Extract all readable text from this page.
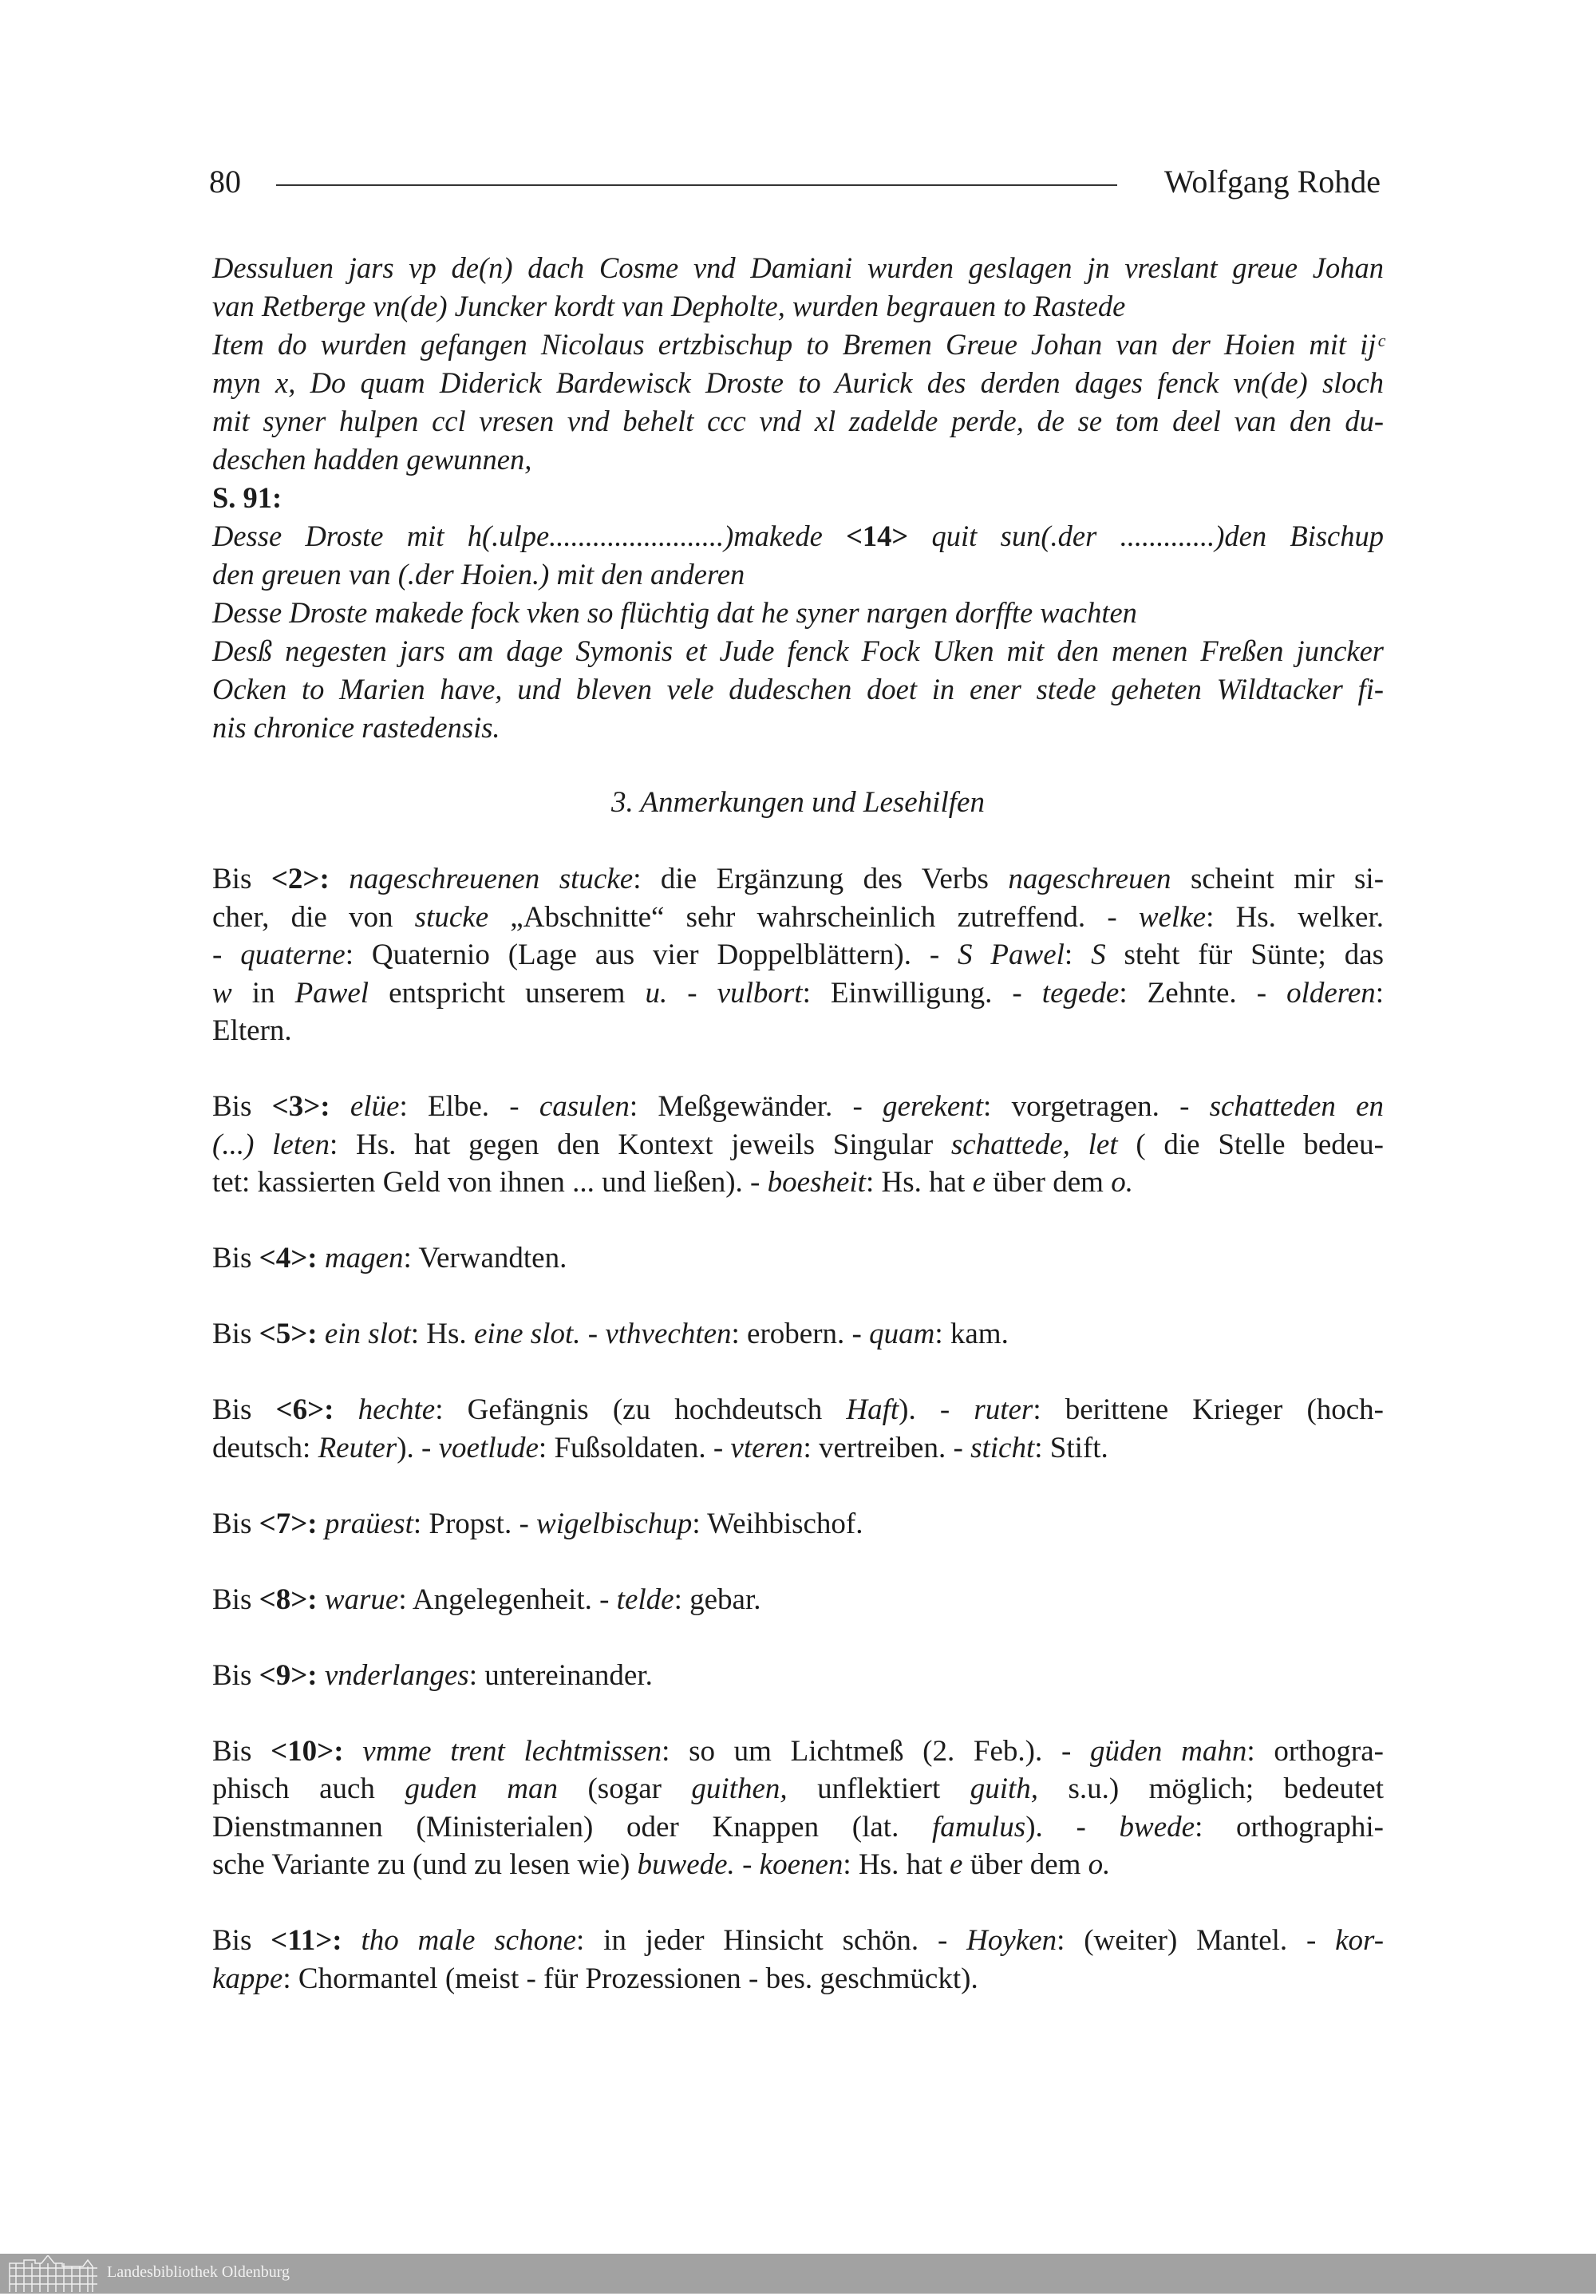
80	Wolfgang Rohde
Dessuluen jars vp de(n) dach Cosme vnd Damiani wurden geslagen jn vreslant greue Johan
van Retberge vn(de) Juncker kordt van Depholte, wurden begrauen to Rastede
Item do wurden gefangen Nicolaus ertzbischup to Bremen Greue Johan van der Hoien mit ijᶜ
myn x, Do quam Diderick Bardewisck Droste to Aurick des derden dages fenck vn(de) sloch
mit syner hulpen ccl vresen vnd behelt ccc vnd xl zadelde perde, de se tom deel van den du-
deschen hadden gewunnen,
S. 91:
Desse Droste mit h(.ulpe........................)makede <14> quit sun(.der .............)den Bischup
den greuen van (.der Hoien.) mit den anderen
Desse Droste makede fock vken so flüchtig dat he syner nargen dorffte wachten
Desß negesten jars am dage Symonis et Jude fenck Fock Uken mit den menen Freßen juncker
Ocken to Marien have, und bleven vele dudeschen doet in ener stede geheten Wildtacker fi-
nis chronice rastedensis.
3. Anmerkungen und Lesehilfen
Bis <2>: nageschreuenen stucke: die Ergänzung des Verbs nageschreuen scheint mir si-
cher, die von stucke „Abschnitte“ sehr wahrscheinlich zutreffend. - welke: Hs. welker.
- quaterne: Quaternio (Lage aus vier Doppelblättern). - S Pawel: S steht für Sünte; das
w in Pawel entspricht unserem u. - vulbort: Einwilligung. - tegede: Zehnte. - olderen:
Eltern.
Bis <3>: elüe: Elbe. - casulen: Meßgewänder. - gerekent: vorgetragen. - schatteden en
(...) leten: Hs. hat gegen den Kontext jeweils Singular schattede, let ( die Stelle bedeu-
tet: kassierten Geld von ihnen ... und ließen). - boesheit: Hs. hat e über dem o.
Bis <4>: magen: Verwandten.
Bis <5>: ein slot: Hs. eine slot. - vthvechten: erobern. - quam: kam.
Bis <6>: hechte: Gefängnis (zu hochdeutsch Haft). - ruter: berittene Krieger (hoch-
deutsch: Reuter). - voetlude: Fußsoldaten. - vteren: vertreiben. - sticht: Stift.
Bis <7>: praüest: Propst. - wigelbischup: Weihbischof.
Bis <8>: warue: Angelegenheit. - telde: gebar.
Bis <9>: vnderlanges: untereinander.
Bis <10>: vmme trent lechtmissen: so um Lichtmeß (2. Feb.). - güden mahn: orthogra-
phisch auch guden man (sogar guithen, unflektiert guith, s.u.) möglich; bedeutet
Dienstmannen (Ministerialen) oder Knappen (lat. famulus). - bwede: orthographi-
sche Variante zu (und zu lesen wie) buwede. - koenen: Hs. hat e über dem o.
Bis <11>: tho male schone: in jeder Hinsicht schön. - Hoyken: (weiter) Mantel. - kor-
kappe: Chormantel (meist - für Prozessionen - bes. geschmückt).
Landesbibliothek Oldenburg
